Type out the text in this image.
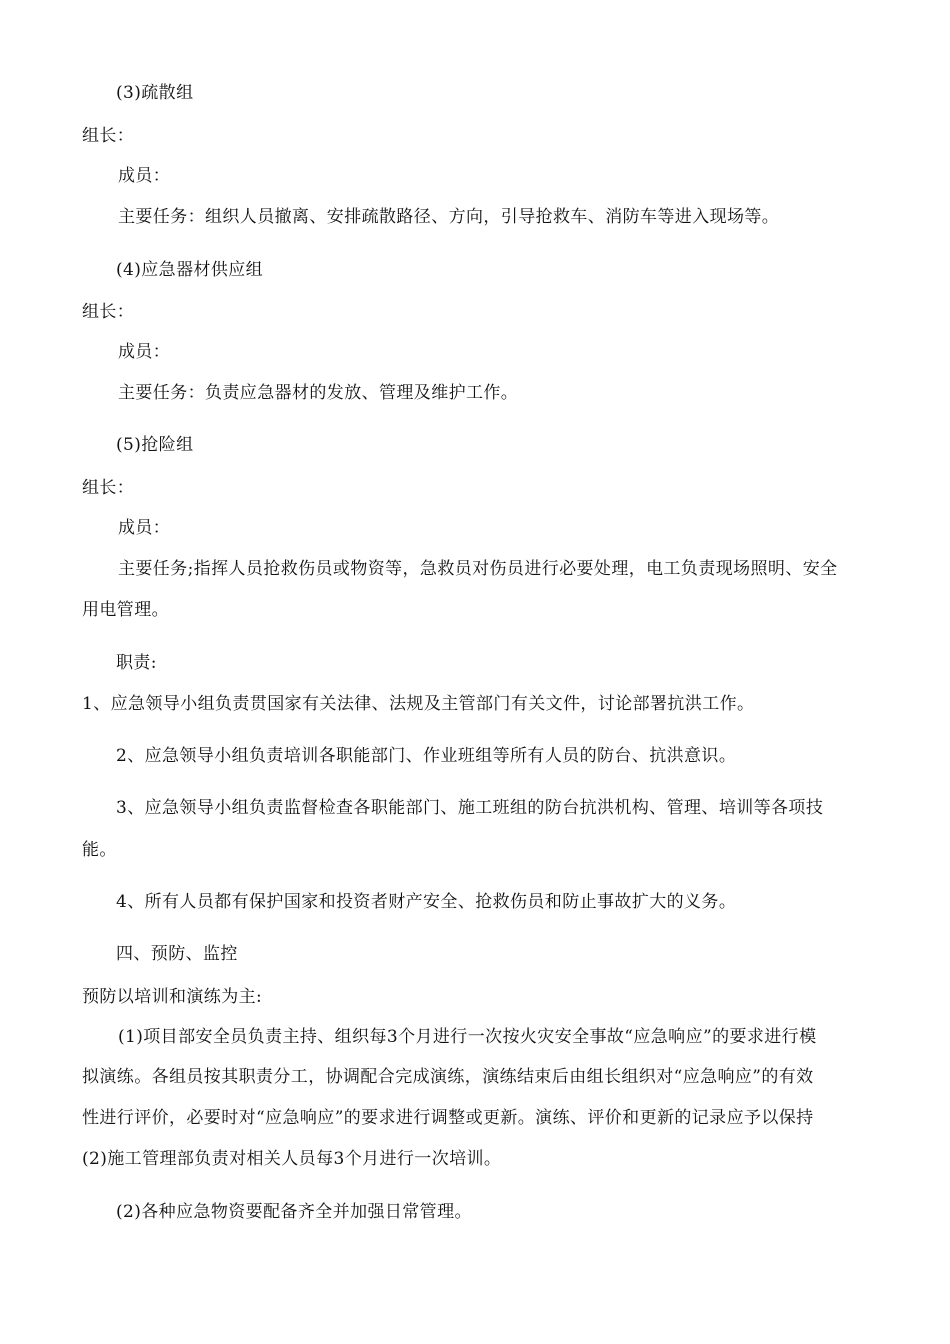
(3)疏散组
组长：
成员：
主要任务：组织人员撤离、安排疏散路径、方向，引导抢救车、消防车等进入现场等。
(4)应急器材供应组
组长：
成员：
主要任务：负责应急器材的发放、管理及维护工作。
(5)抢险组
组长：
成员：
主要任务;指挥人员抢救伤员或物资等，急救员对伤员进行必要处理，电工负责现场照明、安全
用电管理。
职责:
1、应急领导小组负责贯国家有关法律、法规及主管部门有关文件，讨论部署抗洪工作。
2、应急领导小组负责培训各职能部门、作业班组等所有人员的防台、抗洪意识。
3、应急领导小组负责监督检查各职能部门、施工班组的防台抗洪机构、管理、培训等各项技
能。
4、所有人员都有保护国家和投资者财产安全、抢救伤员和防止事故扩大的义务。
四、预防、监控
预防以培训和演练为主:
(1)项目部安全员负责主持、组织每3个月进行一次按火灾安全事故“应急响应”的要求进行模
拟演练。各组员按其职责分工，协调配合完成演练，演练结束后由组长组织对“应急响应”的有效
性进行评价，必要时对“应急响应”的要求进行调整或更新。演练、评价和更新的记录应予以保持
(2)施工管理部负责对相关人员每3个月进行一次培训。
(2)各种应急物资要配备齐全并加强日常管理。
